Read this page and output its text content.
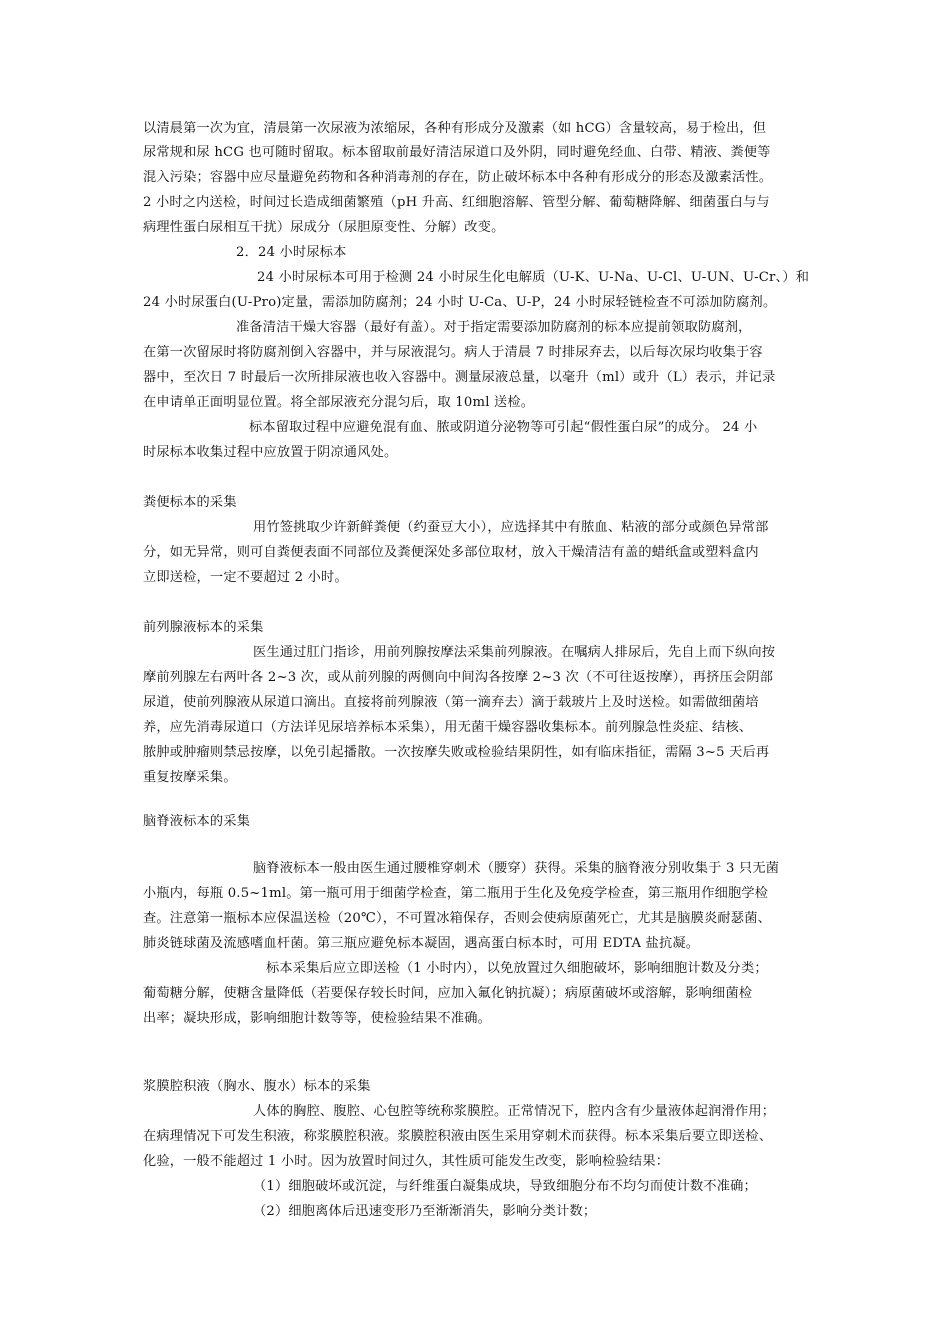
以清晨第一次为宜，清晨第一次尿液为浓缩尿，各种有形成分及激素（如 hCG）含量较高，易于检出，但
尿常规和尿 hCG 也可随时留取。标本留取前最好清洁尿道口及外阴，同时避免经血、白带、精液、粪便等
混入污染；容器中应尽量避免药物和各种消毒剂的存在，防止破坏标本中各种有形成分的形态及激素活性。
2 小时之内送检，时间过长造成细菌繁殖（pH 升高、红细胞溶解、管型分解、葡萄糖降解、细菌蛋白与与
病理性蛋白尿相互干扰）尿成分（尿胆原变性、分解）改变。
2．24 小时尿标本
24 小时尿标本可用于检测 24 小时尿生化电解质（U-K、U-Na、U-Cl、U-UN、U-Cr、）和
24 小时尿蛋白(U-Pro)定量，需添加防腐剂；24 小时 U-Ca、U-P，24 小时尿轻链检查不可添加防腐剂。
准备清洁干燥大容器（最好有盖）。对于指定需要添加防腐剂的标本应提前领取防腐剂，
在第一次留尿时将防腐剂倒入容器中，并与尿液混匀。病人于清晨 7 时排尿弃去，以后每次尿均收集于容
器中，至次日 7 时最后一次所排尿液也收入容器中。测量尿液总量，以毫升（ml）或升（L）表示，并记录
在申请单正面明显位置。将全部尿液充分混匀后，取 10ml 送检。
标本留取过程中应避免混有血、脓或阴道分泌物等可引起“假性蛋白尿”的成分。 24 小
时尿标本收集过程中应放置于阴凉通风处。
粪便标本的采集
用竹签挑取少许新鲜粪便（约蚕豆大小），应选择其中有脓血、粘液的部分或颜色异常部
分，如无异常，则可自粪便表面不同部位及粪便深处多部位取材，放入干燥清洁有盖的蜡纸盒或塑料盒内
立即送检，一定不要超过 2 小时。
前列腺液标本的采集
医生通过肛门指诊，用前列腺按摩法采集前列腺液。在嘱病人排尿后，先自上而下纵向按
摩前列腺左右两叶各 2~3 次，或从前列腺的两侧向中间沟各按摩 2~3 次（不可往返按摩），再挤压会阴部
尿道，使前列腺液从尿道口滴出。直接将前列腺液（第一滴弃去）滴于载玻片上及时送检。如需做细菌培
养，应先消毒尿道口（方法详见尿培养标本采集），用无菌干燥容器收集标本。前列腺急性炎症、结核、
脓肿或肿瘤则禁忌按摩，以免引起播散。一次按摩失败或检验结果阴性，如有临床指征，需隔 3~5 天后再
重复按摩采集。
脑脊液标本的采集
脑脊液标本一般由医生通过腰椎穿刺术（腰穿）获得。采集的脑脊液分别收集于 3 只无菌
小瓶内，每瓶 0.5~1ml。第一瓶可用于细菌学检查，第二瓶用于生化及免疫学检查，第三瓶用作细胞学检
查。注意第一瓶标本应保温送检（20℃），不可置冰箱保存，否则会使病原菌死亡，尤其是脑膜炎耐瑟菌、
肺炎链球菌及流感嗜血杆菌。第三瓶应避免标本凝固，遇高蛋白标本时，可用 EDTA 盐抗凝。
标本采集后应立即送检（1 小时内），以免放置过久细胞破坏，影响细胞计数及分类；
葡萄糖分解，使糖含量降低（若要保存较长时间，应加入氟化钠抗凝）；病原菌破坏或溶解，影响细菌检
出率；凝块形成，影响细胞计数等等，使检验结果不准确。
浆膜腔积液（胸水、腹水）标本的采集
人体的胸腔、腹腔、心包腔等统称浆膜腔。正常情况下，腔内含有少量液体起润滑作用；
在病理情况下可发生积液，称浆膜腔积液。浆膜腔积液由医生采用穿刺术而获得。标本采集后要立即送检、
化验，一般不能超过 1 小时。因为放置时间过久，其性质可能发生改变，影响检验结果：
（1）细胞破坏或沉淀，与纤维蛋白凝集成块，导致细胞分布不均匀而使计数不准确；
（2）细胞离体后迅速变形乃至渐渐消失，影响分类计数；
